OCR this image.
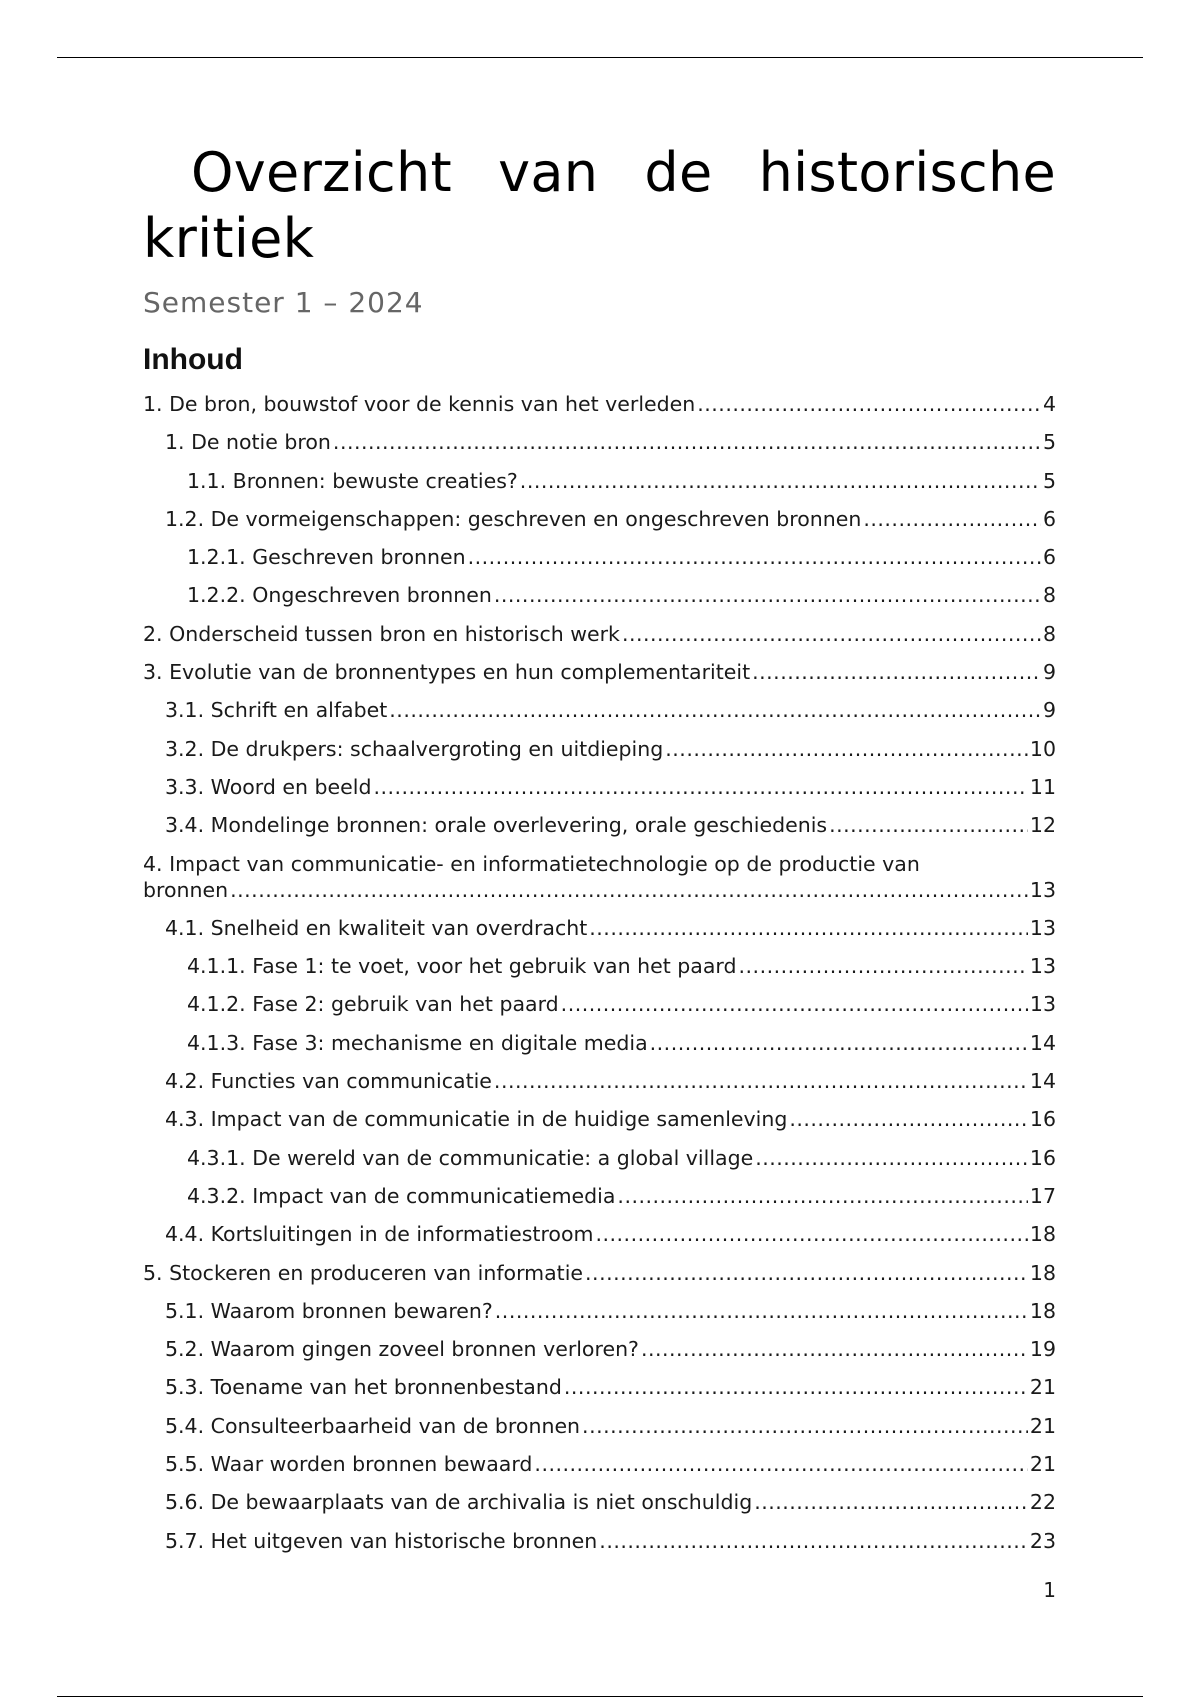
Overzicht van de historische kritiek
Semester 1 – 2024
Inhoud
1. De bron, bouwstof voor de kennis van het verleden .....	4
1. De notie bron .....	5
1.1. Bronnen: bewuste creaties? .....	5
1.2. De vormeigenschappen: geschreven en ongeschreven bronnen .....	6
1.2.1. Geschreven bronnen .....	6
1.2.2. Ongeschreven bronnen .....	8
2. Onderscheid tussen bron en historisch werk .....	8
3. Evolutie van de bronnentypes en hun complementariteit .....	9
3.1. Schrift en alfabet .....	9
3.2. De drukpers: schaalvergroting en uitdieping .....	10
3.3. Woord en beeld .....	11
3.4. Mondelinge bronnen: orale overlevering, orale geschiedenis .....	12
4. Impact van communicatie- en informatietechnologie op de productie van
bronnen .....	13
4.1. Snelheid en kwaliteit van overdracht .....	13
4.1.1. Fase 1: te voet, voor het gebruik van het paard .....	13
4.1.2. Fase 2: gebruik van het paard .....	13
4.1.3. Fase 3: mechanisme en digitale media .....	14
4.2. Functies van communicatie .....	14
4.3. Impact van de communicatie in de huidige samenleving .....	16
4.3.1. De wereld van de communicatie: a global village .....	16
4.3.2. Impact van de communicatiemedia .....	17
4.4. Kortsluitingen in de informatiestroom .....	18
5. Stockeren en produceren van informatie .....	18
5.1. Waarom bronnen bewaren? .....	18
5.2. Waarom gingen zoveel bronnen verloren? .....	19
5.3. Toename van het bronnenbestand .....	21
5.4. Consulteerbaarheid van de bronnen .....	21
5.5. Waar worden bronnen bewaard .....	21
5.6. De bewaarplaats van de archivalia is niet onschuldig .....	22
5.7. Het uitgeven van historische bronnen .....	23
1
